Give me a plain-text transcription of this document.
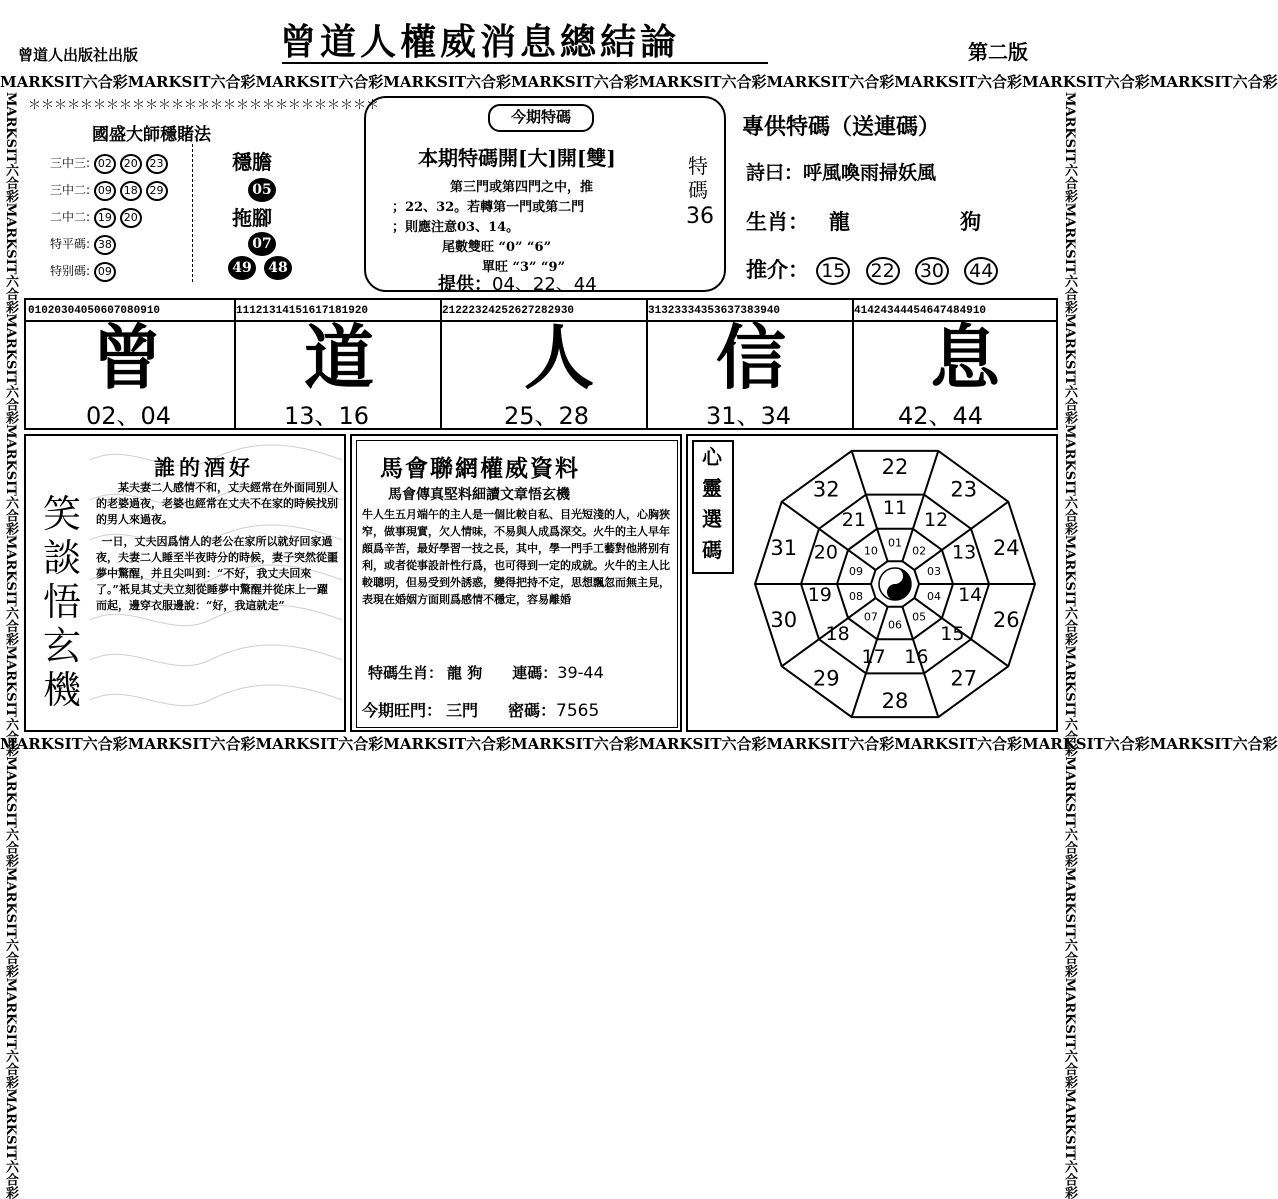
MARKSIT六合彩MARKSIT六合彩MARKSIT六合彩MARKSIT六合彩MARKSIT六合彩MARKSIT六合彩MARKSIT六合彩MARKSIT六合彩MARKSIT六合彩MARKSIT六合彩
MARKSIT六合彩MARKSIT六合彩MARKSIT六合彩MARKSIT六合彩MARKSIT六合彩MARKSIT六合彩MARKSIT六合彩MARKSIT六合彩MARKSIT六合彩MARKSIT六合彩
MARKSIT六合彩MARKSIT六合彩MARKSIT六合彩MARKSIT六合彩MARKSIT六合彩MARKSIT六合彩MARKSIT六合彩MARKSIT六合彩MARKSIT六合彩MARKSIT六合彩	MARKSIT六合彩MARKSIT六合彩MARKSIT六合彩MARKSIT六合彩MARKSIT六合彩MARKSIT六合彩MARKSIT六合彩MARKSIT六合彩MARKSIT六合彩MARKSIT六合彩
曾道人出版社出版	曾道人權威消息總結論	第二版
＊＊＊＊＊＊＊＊＊＊＊＊＊＊＊＊＊＊＊＊＊＊＊＊＊＊＊
國盛大師穩賭法
三中三: 02 20 23
三中二: 09 18 29
二中二: 19 20
特平碼: 38
特别碼: 09
穩膽
05
拖腳
07
49	48
今期特碼
本期特碼開[大]開[雙]
第三門或第四門之中，推
；22、32。若轉第一門或第二門
；則應注意03、14。
尾數雙旺 “0” “6”
單旺 “3” “9”
提供：04、22、44
特碼
36
專供特碼（送連碼）
詩曰：呼風喚雨掃妖風
生肖： 龍	狗
推介： 15 22 30 44
01020304050607080910	11121314151617181920	21222324252627282930	31323334353637383940	41424344454647484910
曾 道 人 信 息
02、04	13、16	25、28	31、34	42、44
笑
談
悟
玄
機
誰的酒好

某夫妻二人感情不和，丈夫經常在外面同别人的老婆過夜，老婆也經常在丈夫不在家的時候找别的男人來過夜。

一日，丈夫因爲情人的老公在家所以就好回家過夜，夫妻二人睡至半夜時分的時候，妻子突然從噩夢中驚醒，并且尖叫到：“不好，我丈夫回來了。”衹見其丈夫立刻從睡夢中驚醒并從床上一躍而起，邊穿衣服邊說：“好，我這就走”

馬會聯網權威資料
馬會傳真堅料細讀文章悟玄機
牛人生五月端午的主人是一個比較自私、目光短淺的人，心胸狹窄，做事現實，欠人情味，不易與人成爲深交。火牛的主人早年頗爲辛苦，最好學習一技之長，其中，學一門手工藝對他將别有利，或者從事設計性行爲，也可得到一定的成就。火牛的主人比較聰明，但易受到外誘惑，變得把持不定，思想飄忽而無主見，表現在婚姻方面則爲感情不穩定，容易離婚
特碼生肖： 龍 狗 連碼：39-44
今期旺門： 三門 密碼：7565
心
靈
選
碼	01
02
03
04
05
06
07
08
09
10
11
12
13
14
15
16
17
18
19
20
21
22
23
24
26
27
28
29
30
31
32
